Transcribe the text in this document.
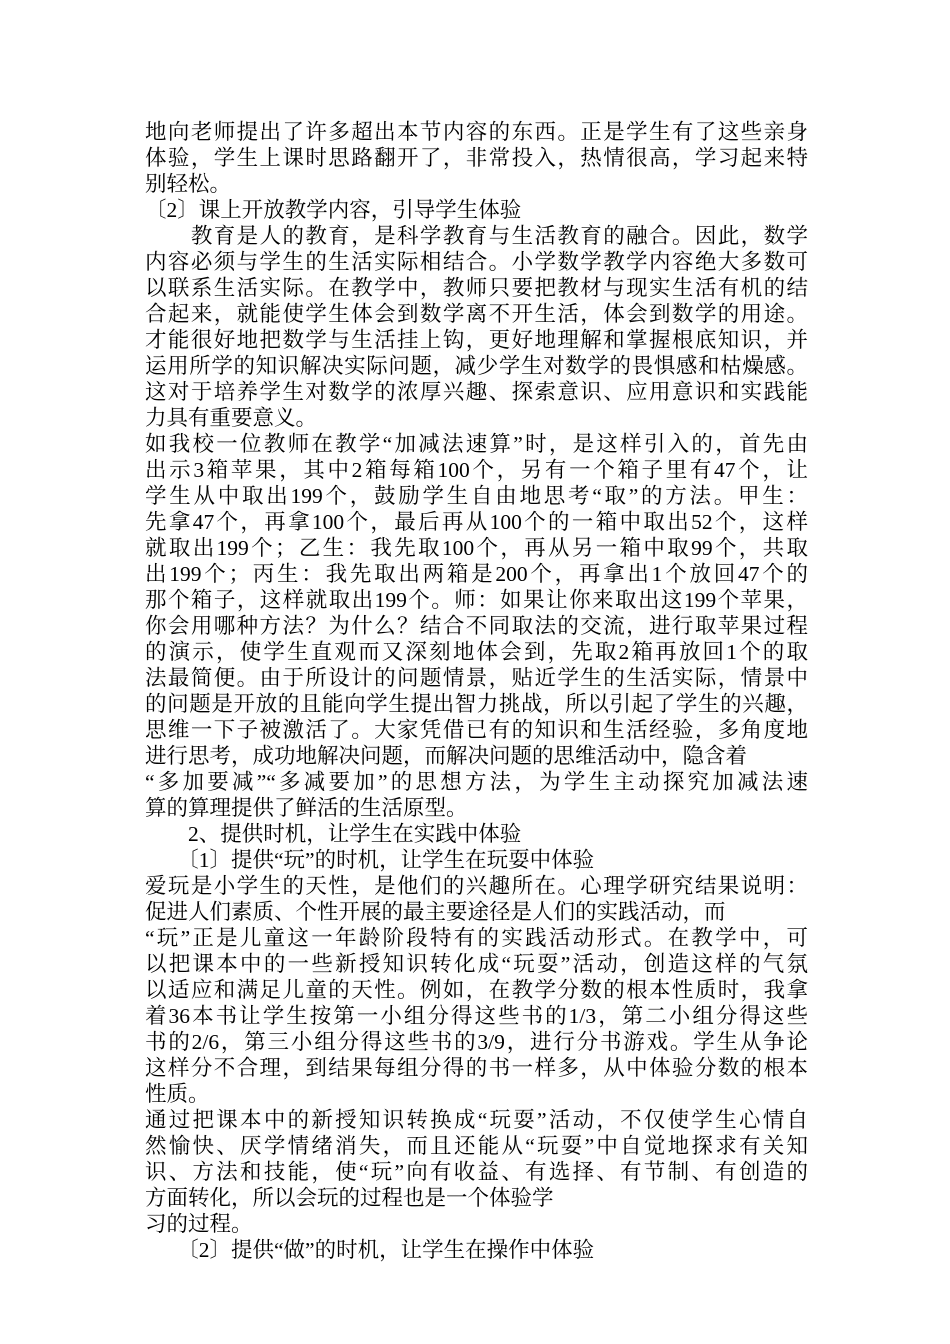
地向老师提出了许多超出本节内容的东西。正是学生有了这些亲身
体验，学生上课时思路翻开了，非常投入，热情很高，学习起来特
别轻松。
〔2〕课上开放教学内容，引导学生体验
　　教育是人的教育，是科学教育与生活教育的融合。因此，数学
内容必须与学生的生活实际相结合。小学数学教学内容绝大多数可
以联系生活实际。在教学中，教师只要把教材与现实生活有机的结
合起来，就能使学生体会到数学离不开生活，体会到数学的用途。
才能很好地把数学与生活挂上钩，更好地理解和掌握根底知识，并
运用所学的知识解决实际问题，减少学生对数学的畏惧感和枯燥感。
这对于培养学生对数学的浓厚兴趣、探索意识、应用意识和实践能
力具有重要意义。
如我校一位教师在教学“加减法速算”时，是这样引入的，首先由
出示3箱苹果，其中2箱每箱100个，另有一个箱子里有47个，让
学生从中取出199个，鼓励学生自由地思考“取”的方法。甲生：
先拿47个，再拿100个，最后再从100个的一箱中取出52个，这样
就取出199个；乙生：我先取100个，再从另一箱中取99个，共取
出199个；丙生：我先取出两箱是200个，再拿出1个放回47个的
那个箱子，这样就取出199个。师：如果让你来取出这199个苹果，
你会用哪种方法？为什么？结合不同取法的交流，进行取苹果过程
的演示，使学生直观而又深刻地体会到，先取2箱再放回1个的取
法最简便。由于所设计的问题情景，贴近学生的生活实际，情景中
的问题是开放的且能向学生提出智力挑战，所以引起了学生的兴趣，
思维一下子被激活了。大家凭借已有的知识和生活经验，多角度地
进行思考，成功地解决问题，而解决问题的思维活动中，隐含着
“多加要减”“多减要加”的思想方法，为学生主动探究加减法速
算的算理提供了鲜活的生活原型。
　　2、提供时机，让学生在实践中体验
　　〔1〕提供“玩”的时机，让学生在玩耍中体验
爱玩是小学生的天性，是他们的兴趣所在。心理学研究结果说明：
促进人们素质、个性开展的最主要途径是人们的实践活动，而
“玩”正是儿童这一年龄阶段特有的实践活动形式。在教学中，可
以把课本中的一些新授知识转化成“玩耍”活动，创造这样的气氛
以适应和满足儿童的天性。例如，在教学分数的根本性质时，我拿
着36本书让学生按第一小组分得这些书的1/3，第二小组分得这些
书的2/6，第三小组分得这些书的3/9，进行分书游戏。学生从争论
这样分不合理，到结果每组分得的书一样多，从中体验分数的根本
性质。
通过把课本中的新授知识转换成“玩耍”活动，不仅使学生心情自
然愉快、厌学情绪消失，而且还能从“玩耍”中自觉地探求有关知
识、方法和技能，使“玩”向有收益、有选择、有节制、有创造的
方面转化，所以会玩的过程也是一个体验学
习的过程。
　　〔2〕提供“做”的时机，让学生在操作中体验
